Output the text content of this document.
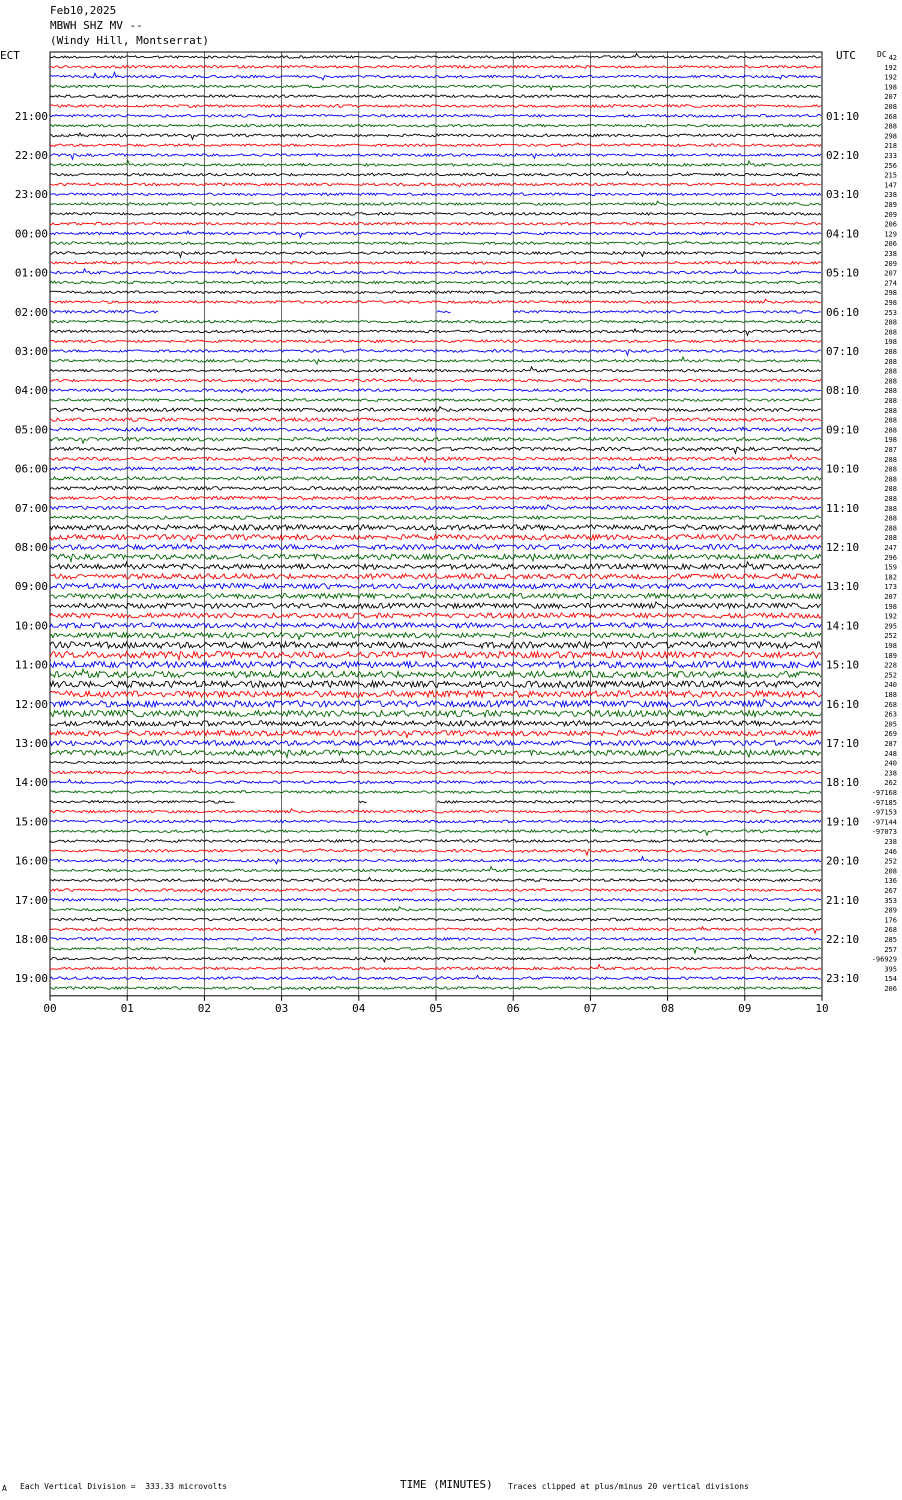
Feb10,2025
MBWH SHZ MV --
(Windy Hill, Montserrat)
ECT	UTC	DC 42
192
192
198
207
208
268
288
298
218
233
256
215
147
238
289
209
206
129
206
238
209
207
274
298
298
253
288
288
198
288
288
288
288
288
288
288
288
288
198
287
288
288
288
288
288
288
288
288
288
247
296
159
182
173
207
198
192
295
252
198
189
228
252
240
188
268
263
205
269
287
248
240
238
262
-97168
-97185
-97153
-97144
-97073
238
246
252
208
136
267
353
289
176
268
285
257
-96929
395
154
206
21:00
22:00
23:00
00:00
01:00
02:00
03:00
04:00
05:00
06:00
07:00
08:00
09:00
10:00
11:00
12:00
13:00
14:00
15:00
16:00
17:00
18:00
19:00
01:10
02:10
03:10
04:10
05:10
06:10
07:10
08:10
09:10
10:10
11:10
12:10
13:10
14:10
15:10
16:10
17:10
18:10
19:10
20:10
21:10
22:10
23:10
00	01	02	03	04	05	06	07	08	09	10
A Each Vertical Division =  333.33 microvolts	TIME (MINUTES) Traces clipped at plus/minus 20 vertical divisions
